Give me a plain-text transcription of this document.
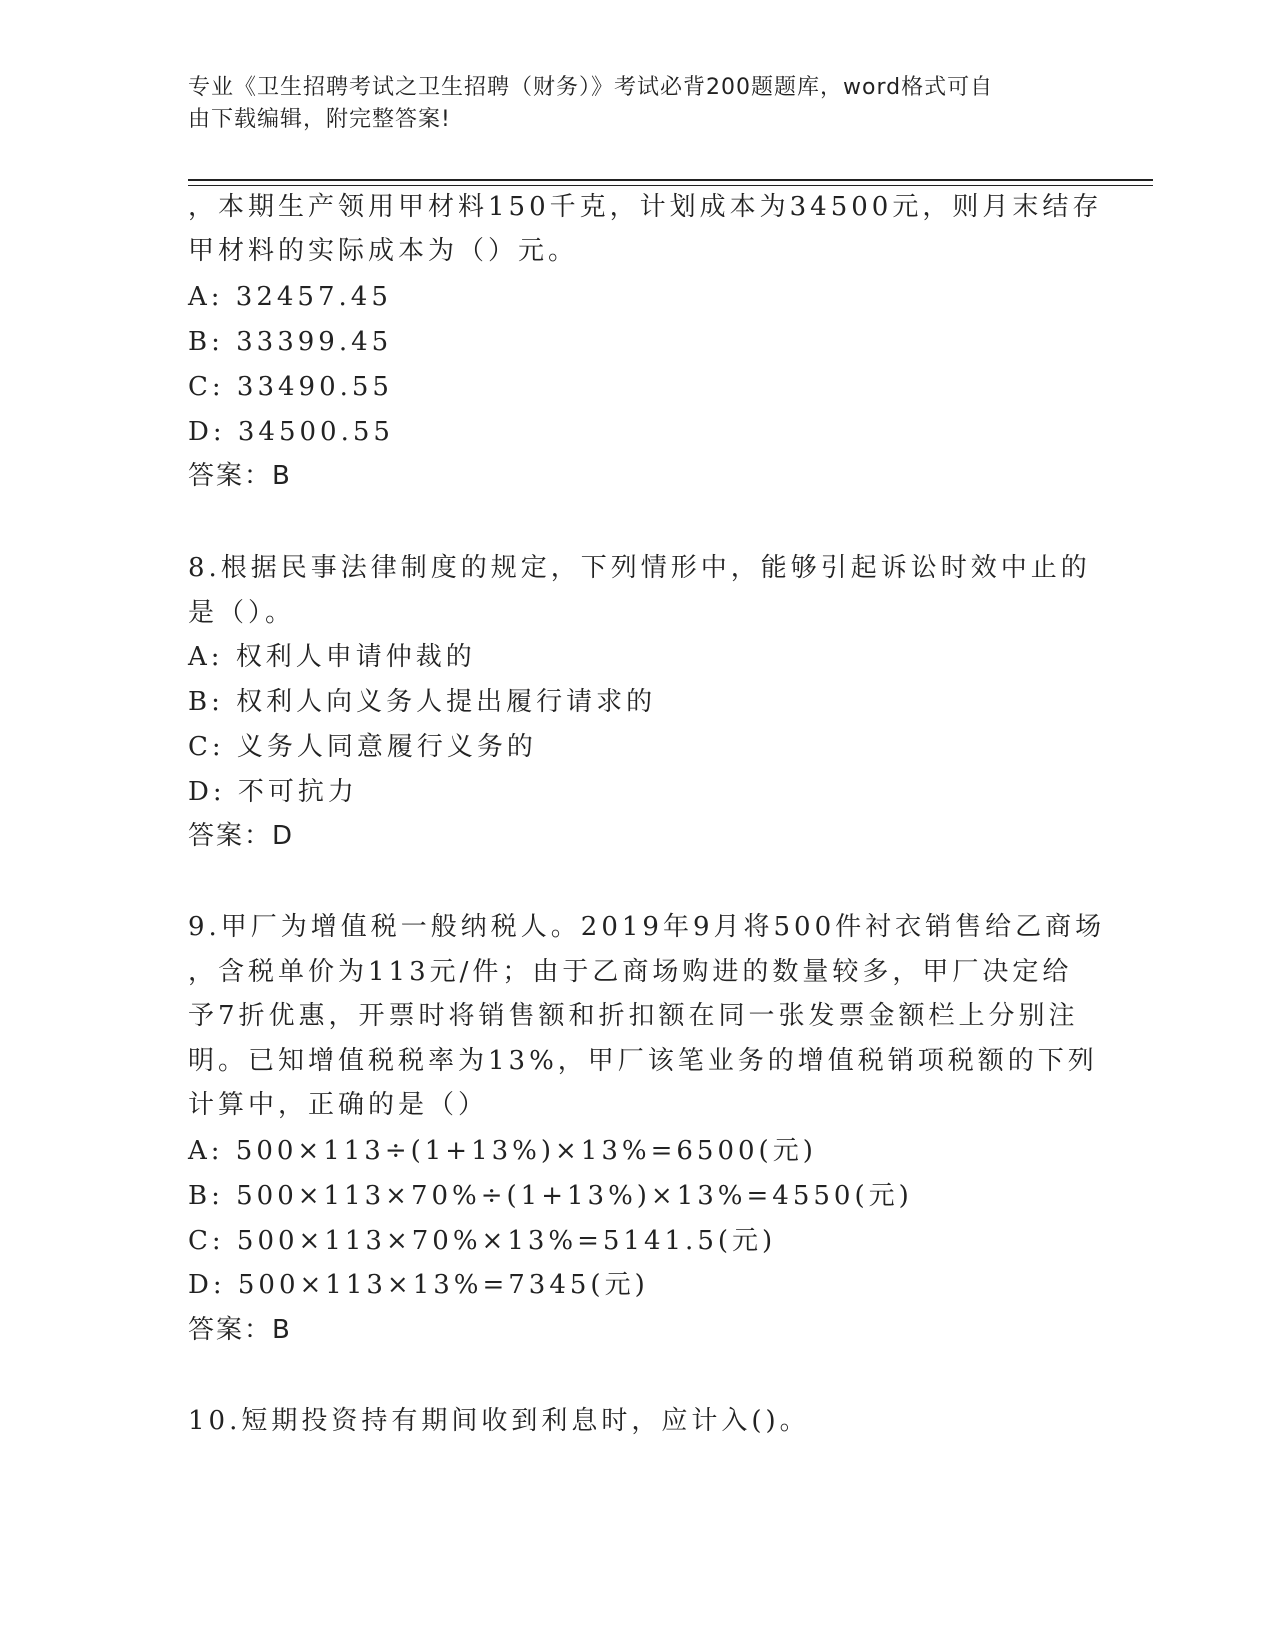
专业《卫生招聘考试之卫生招聘（财务）》考试必背200题题库，word格式可自
由下载编辑，附完整答案!
，本期生产领用甲材料150千克，计划成本为34500元，则月末结存
甲材料的实际成本为（）元。
A: 32457.45
B: 33399.45
C: 33490.55
D: 34500.55
答案：B
8.根据民事法律制度的规定，下列情形中，能够引起诉讼时效中止的
是（）。
A: 权利人申请仲裁的
B: 权利人向义务人提出履行请求的
C: 义务人同意履行义务的
D: 不可抗力
答案：D
9.甲厂为增值税一般纳税人。2019年9月将500件衬衣销售给乙商场
，含税单价为113元/件；由于乙商场购进的数量较多，甲厂决定给
予7折优惠，开票时将销售额和折扣额在同一张发票金额栏上分别注
明。已知增值税税率为13%，甲厂该笔业务的增值税销项税额的下列
计算中，正确的是（）
A: 500×113÷(1+13%)×13%=6500(元)
B: 500×113×70%÷(1+13%)×13%=4550(元)
C: 500×113×70%×13%=5141.5(元)
D: 500×113×13%=7345(元)
答案：B
10.短期投资持有期间收到利息时，应计入()。
